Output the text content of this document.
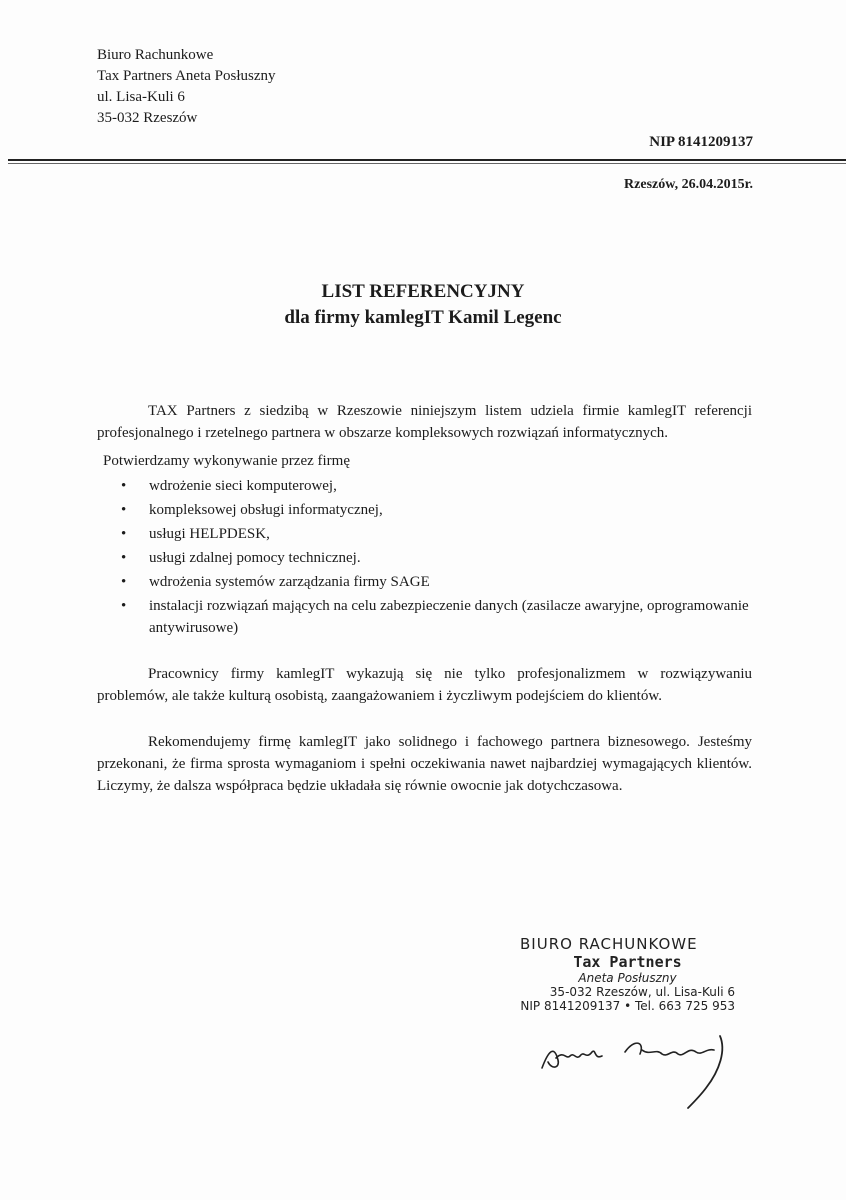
Biuro Rachunkowe
Tax Partners Aneta Posłuszny
ul. Lisa-Kuli 6
35-032 Rzeszów
NIP 8141209137
Rzeszów, 26.04.2015r.
LIST REFERENCYJNY
dla firmy kamlegIT Kamil Legenc

TAX Partners z siedzibą w Rzeszowie niniejszym listem udziela firmie kamlegIT referencji profesjonalnego i rzetelnego partnera w obszarze kompleksowych rozwiązań informatycznych.

Potwierdzamy wykonywanie przez firmę
• wdrożenie sieci komputerowej,
• kompleksowej obsługi informatycznej,
• usługi HELPDESK,
• usługi zdalnej pomocy technicznej.
• wdrożenia systemów zarządzania firmy SAGE
• instalacji rozwiązań mających na celu zabezpieczenie danych (zasilacze awaryjne, oprogramowanie antywirusowe)

Pracownicy firmy kamlegIT wykazują się nie tylko profesjonalizmem w rozwiązywaniu problemów, ale także kulturą osobistą, zaangażowaniem i życzliwym podejściem do klientów.

Rekomendujemy firmę kamlegIT jako solidnego i fachowego partnera biznesowego. Jesteśmy przekonani, że firma sprosta wymaganiom i spełni oczekiwania nawet najbardziej wymagających klientów. Liczymy, że dalsza współpraca będzie układała się równie owocnie jak dotychczasowa.

BIURO RACHUNKOWE
Tax Partners
Aneta Posłuszny
35-032 Rzeszów, ul. Lisa-Kuli 6
NIP 8141209137 • Tel. 663 725 953
